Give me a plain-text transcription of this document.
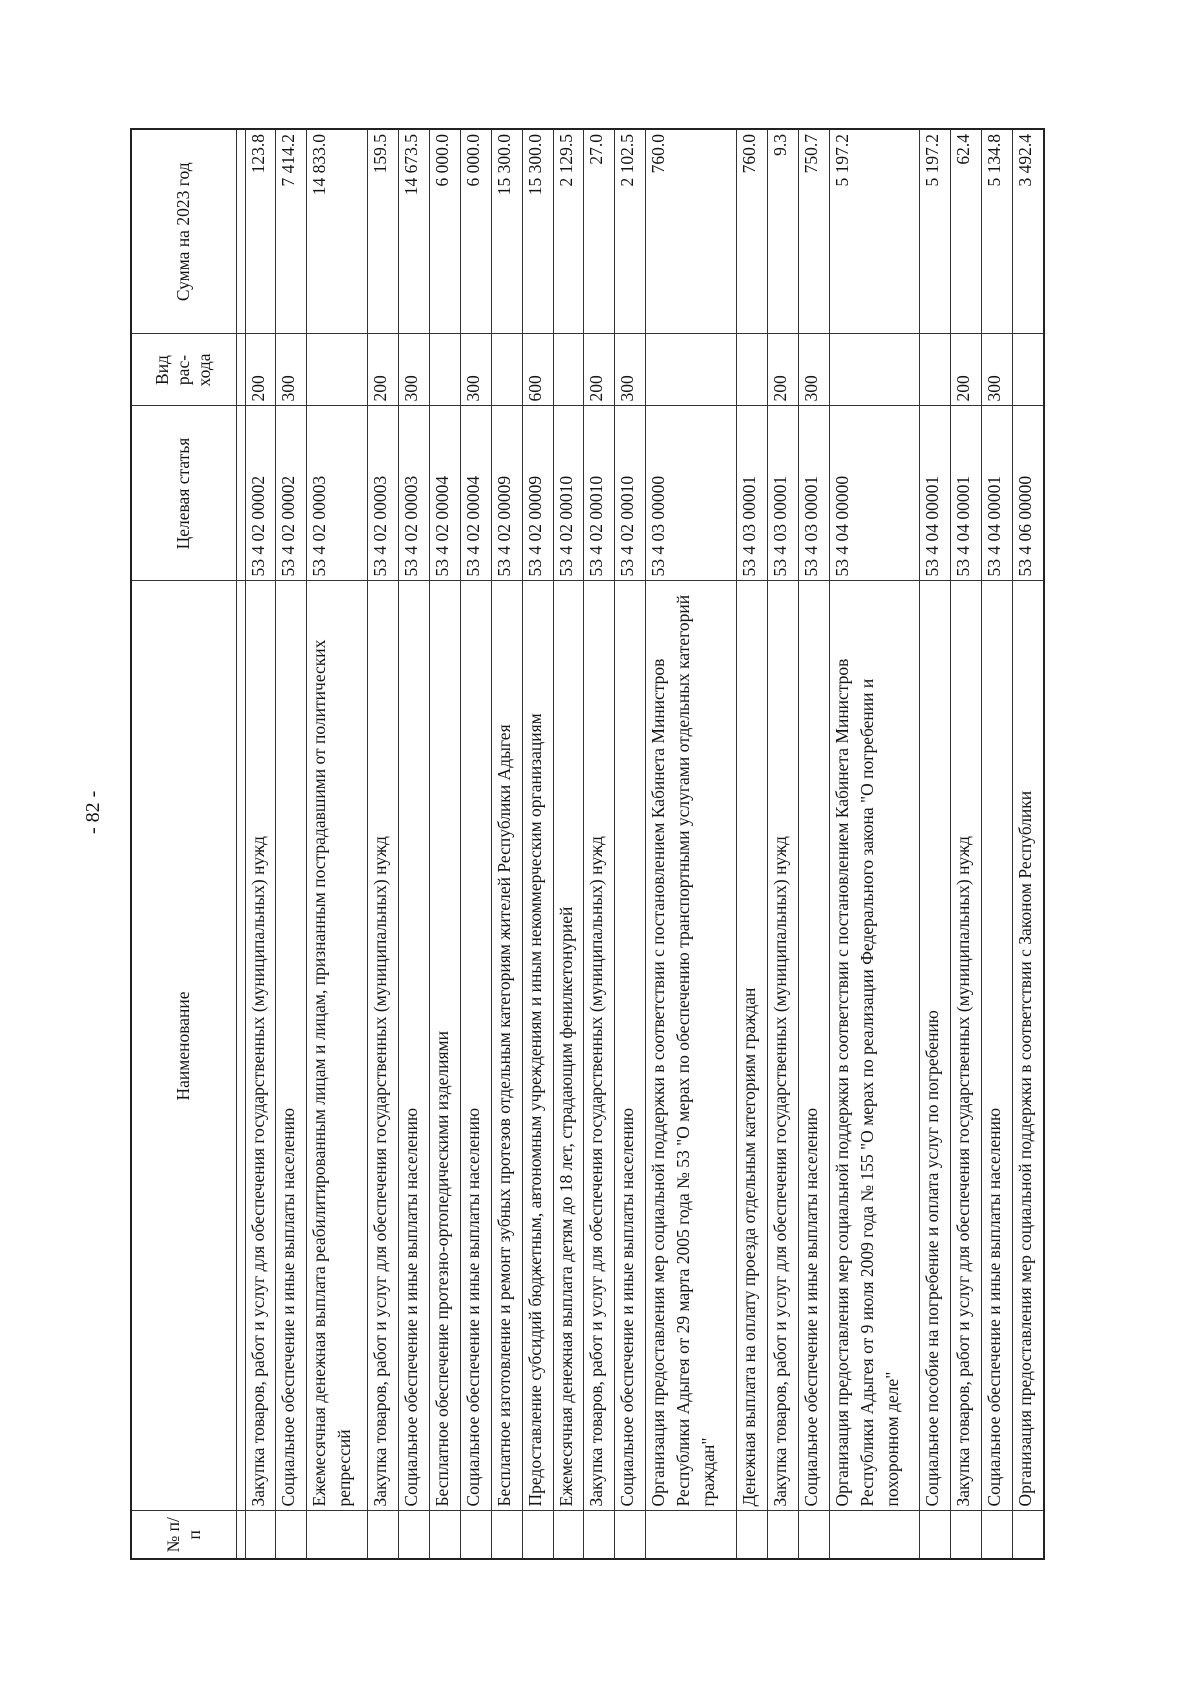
- 82 -
№ п/п	Наименование	Целевая статья	Вид рас-хода	Сумма на 2023 год

	Закупка товаров, работ и услуг для обеспечения государственных (муниципальных) нужд	53 4 02 00002	200	123.8
	Социальное обеспечение и иные выплаты населению	53 4 02 00002	300	7 414.2
	Ежемесячная денежная выплата реабилитированным лицам и лицам, признанным пострадавшими от политических репрессий	53 4 02 00003		14 833.0
	Закупка товаров, работ и услуг для обеспечения государственных (муниципальных) нужд	53 4 02 00003	200	159.5
	Социальное обеспечение и иные выплаты населению	53 4 02 00003	300	14 673.5
	Бесплатное обеспечение протезно-ортопедическими изделиями	53 4 02 00004		6 000.0
	Социальное обеспечение и иные выплаты населению	53 4 02 00004	300	6 000.0
	Бесплатное изготовление и ремонт зубных протезов отдельным категориям жителей Республики Адыгея	53 4 02 00009		15 300.0
	Предоставление субсидий бюджетным, автономным учреждениям и иным некоммерческим организациям	53 4 02 00009	600	15 300.0
	Ежемесячная денежная выплата детям до 18 лет, страдающим фенилкетонурией	53 4 02 00010		2 129.5
	Закупка товаров, работ и услуг для обеспечения государственных (муниципальных) нужд	53 4 02 00010	200	27.0
	Социальное обеспечение и иные выплаты населению	53 4 02 00010	300	2 102.5
	Организация предоставления мер социальной поддержки в соответствии с постановлением Кабинета Министров Республики Адыгея от 29 марта 2005 года № 53 "О мерах по обеспечению транспортными услугами отдельных категорий граждан"	53 4 03 00000		760.0
	Денежная выплата на оплату проезда отдельным категориям граждан	53 4 03 00001		760.0
	Закупка товаров, работ и услуг для обеспечения государственных (муниципальных) нужд	53 4 03 00001	200	9.3
	Социальное обеспечение и иные выплаты населению	53 4 03 00001	300	750.7
	Организация предоставления мер социальной поддержки в соответствии с постановлением Кабинета Министров Республики Адыгея от 9 июля 2009 года № 155 "О мерах по реализации Федерального закона "О погребении и похоронном деле"	53 4 04 00000		5 197.2
	Социальное пособие на погребение и оплата услуг по погребению	53 4 04 00001		5 197.2
	Закупка товаров, работ и услуг для обеспечения государственных (муниципальных) нужд	53 4 04 00001	200	62.4
	Социальное обеспечение и иные выплаты населению	53 4 04 00001	300	5 134.8
	Организация предоставления мер социальной поддержки в соответствии с Законом Республики	53 4 06 00000		3 492.4
